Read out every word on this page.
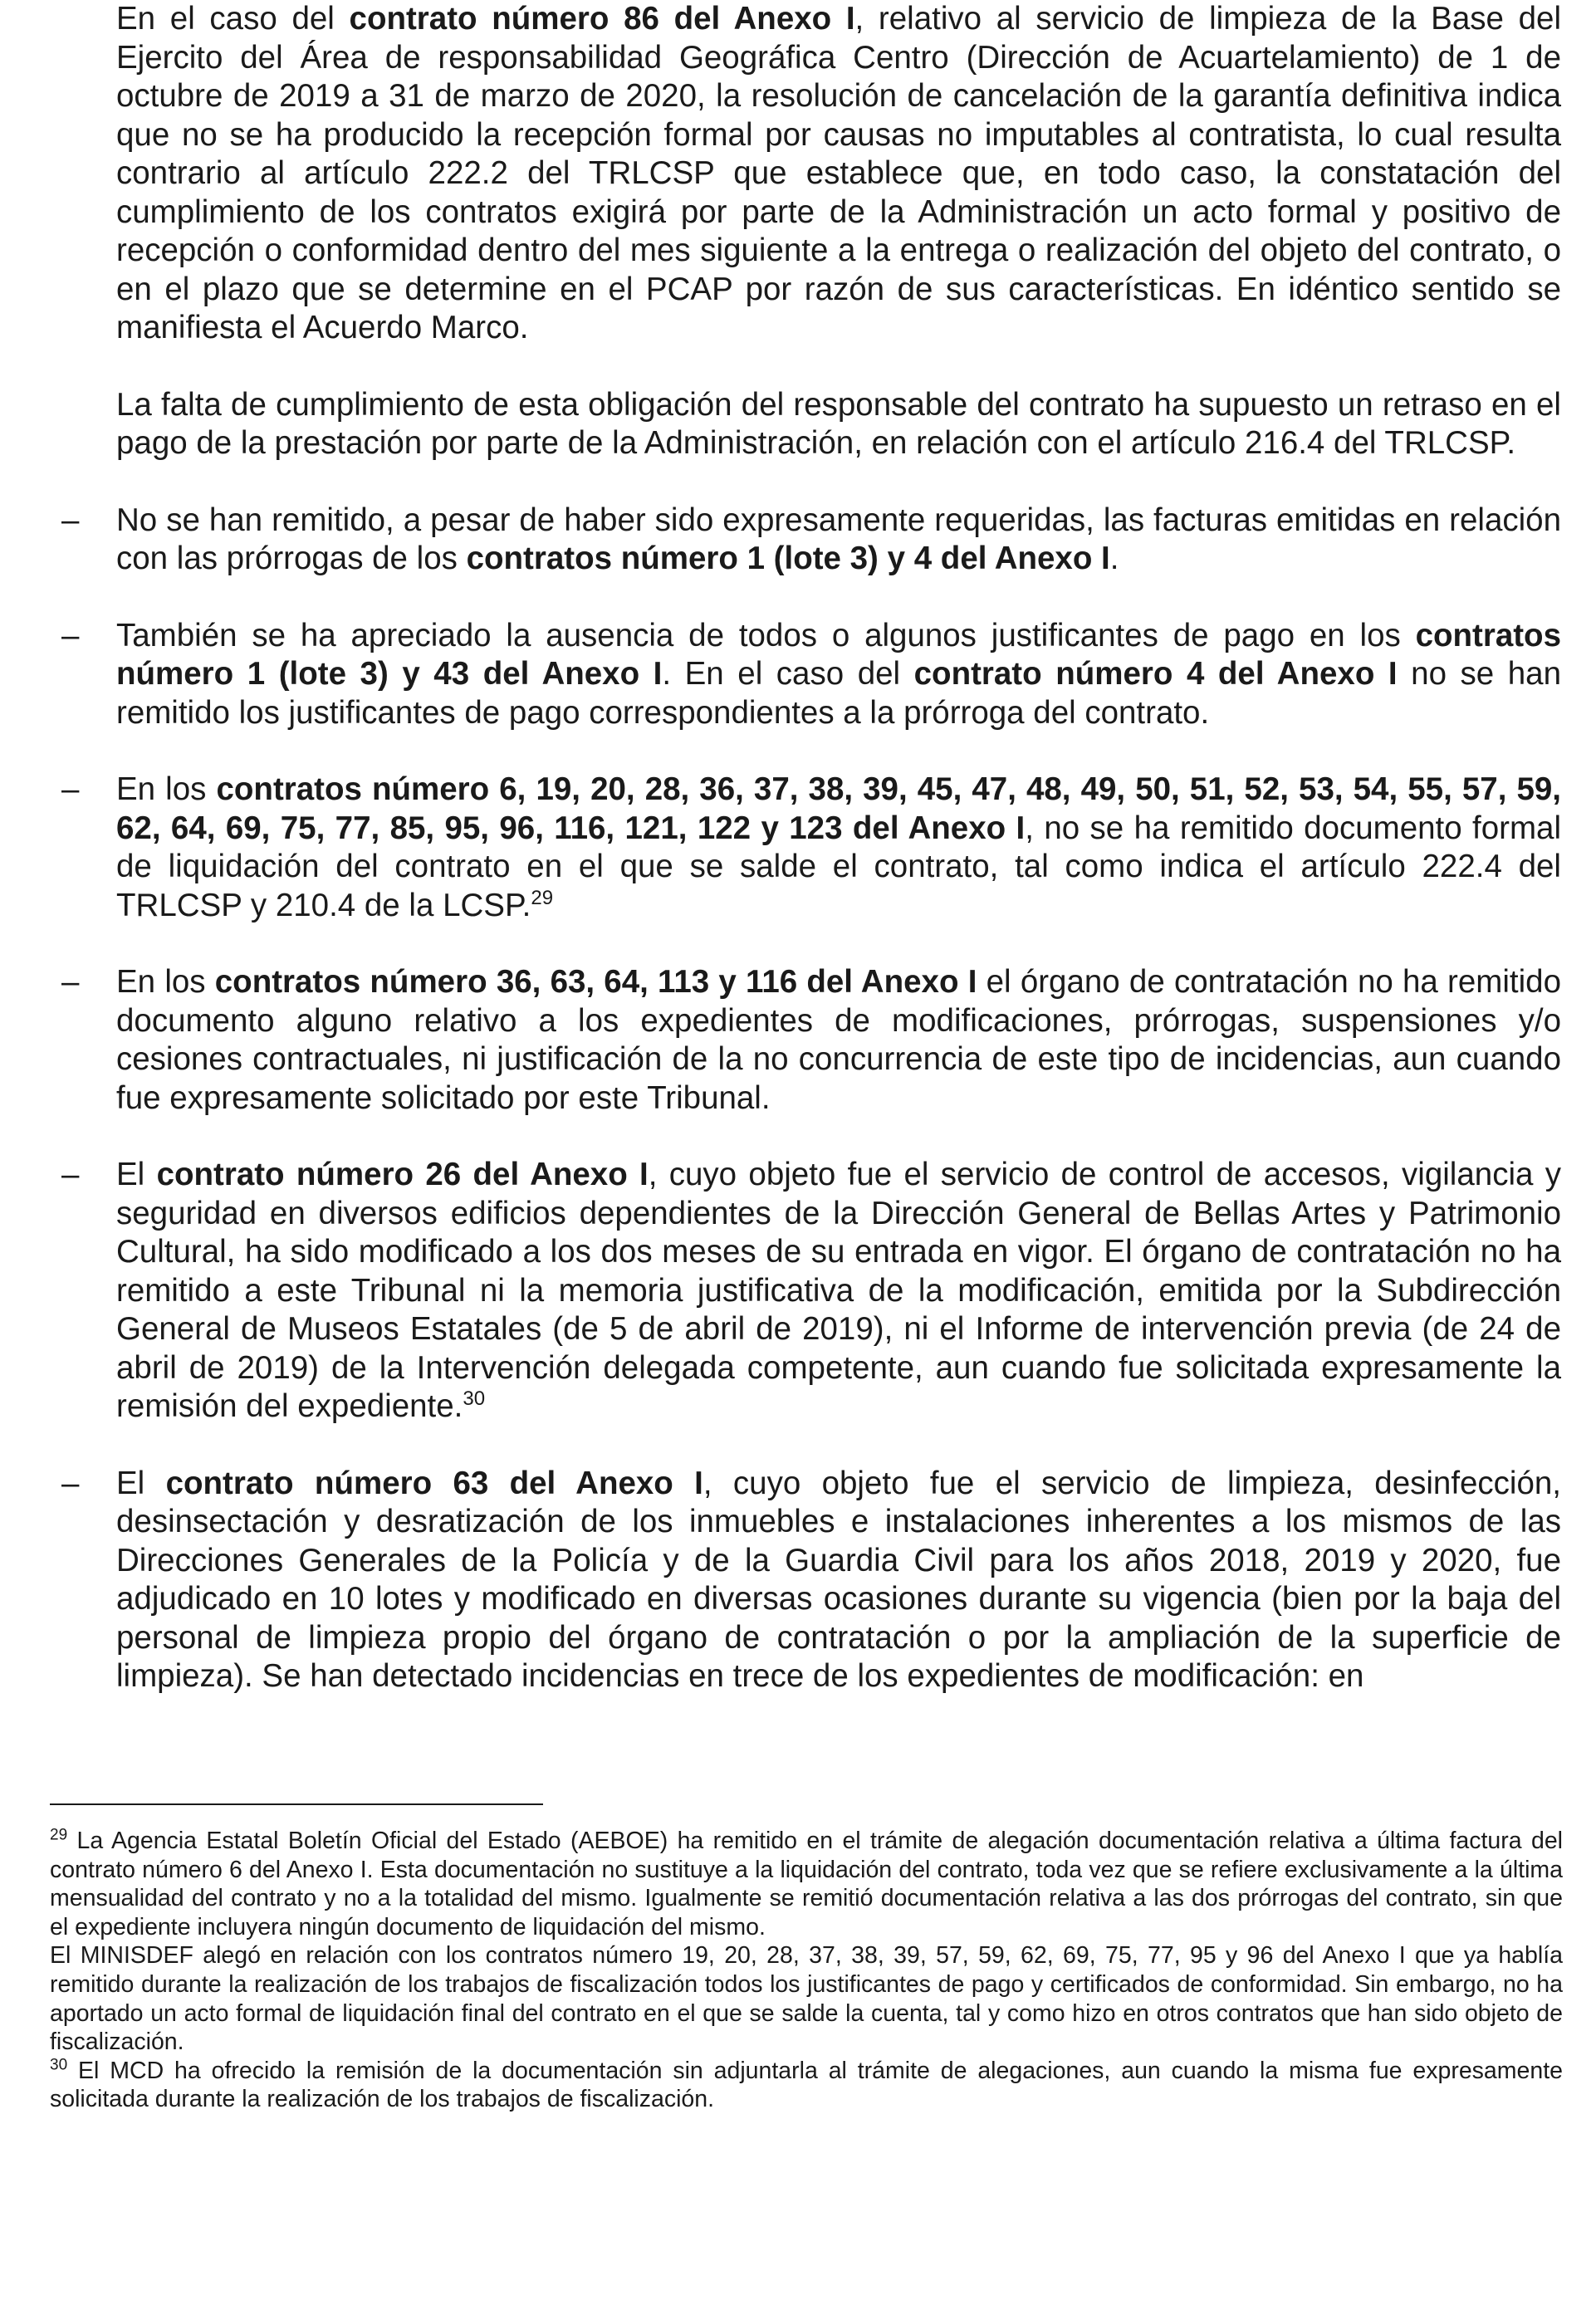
En el caso del contrato número 86 del Anexo I, relativo al servicio de limpieza de la Base del Ejercito del Área de responsabilidad Geográfica Centro (Dirección de Acuartelamiento) de 1 de octubre de 2019 a 31 de marzo de 2020, la resolución de cancelación de la garantía definitiva indica que no se ha producido la recepción formal por causas no imputables al contratista, lo cual resulta contrario al artículo 222.2 del TRLCSP que establece que, en todo caso, la constatación del cumplimiento de los contratos exigirá por parte de la Administración un acto formal y positivo de recepción o conformidad dentro del mes siguiente a la entrega o realización del objeto del contrato, o en el plazo que se determine en el PCAP por razón de sus características. En idéntico sentido se manifiesta el Acuerdo Marco.

La falta de cumplimiento de esta obligación del responsable del contrato ha supuesto un retraso en el pago de la prestación por parte de la Administración, en relación con el artículo 216.4 del TRLCSP.

‒ No se han remitido, a pesar de haber sido expresamente requeridas, las facturas emitidas en relación con las prórrogas de los contratos número 1 (lote 3) y 4 del Anexo I.

‒ También se ha apreciado la ausencia de todos o algunos justificantes de pago en los contratos número 1 (lote 3) y 43 del Anexo I. En el caso del contrato número 4 del Anexo I no se han remitido los justificantes de pago correspondientes a la prórroga del contrato.

‒ En los contratos número 6, 19, 20, 28, 36, 37, 38, 39, 45, 47, 48, 49, 50, 51, 52, 53, 54, 55, 57, 59, 62, 64, 69, 75, 77, 85, 95, 96, 116, 121, 122 y 123 del Anexo I, no se ha remitido documento formal de liquidación del contrato en el que se salde el contrato, tal como indica el artículo 222.4 del TRLCSP y 210.4 de la LCSP.$^{29}$

‒ En los contratos número 36, 63, 64, 113 y 116 del Anexo I el órgano de contratación no ha remitido documento alguno relativo a los expedientes de modificaciones, prórrogas, suspensiones y/o cesiones contractuales, ni justificación de la no concurrencia de este tipo de incidencias, aun cuando fue expresamente solicitado por este Tribunal.

‒ El contrato número 26 del Anexo I, cuyo objeto fue el servicio de control de accesos, vigilancia y seguridad en diversos edificios dependientes de la Dirección General de Bellas Artes y Patrimonio Cultural, ha sido modificado a los dos meses de su entrada en vigor. El órgano de contratación no ha remitido a este Tribunal ni la memoria justificativa de la modificación, emitida por la Subdirección General de Museos Estatales (de 5 de abril de 2019), ni el Informe de intervención previa (de 24 de abril de 2019) de la Intervención delegada competente, aun cuando fue solicitada expresamente la remisión del expediente.$^{30}$

‒ El contrato número 63 del Anexo I, cuyo objeto fue el servicio de limpieza, desinfección, desinsectación y desratización de los inmuebles e instalaciones inherentes a los mismos de las Direcciones Generales de la Policía y de la Guardia Civil para los años 2018, 2019 y 2020, fue adjudicado en 10 lotes y modificado en diversas ocasiones durante su vigencia (bien por la baja del personal de limpieza propio del órgano de contratación o por la ampliación de la superficie de limpieza). Se han detectado incidencias en trece de los expedientes de modificación: en

$^{29}$ La Agencia Estatal Boletín Oficial del Estado (AEBOE) ha remitido en el trámite de alegación documentación relativa a última factura del contrato número 6 del Anexo I. Esta documentación no sustituye a la liquidación del contrato, toda vez que se refiere exclusivamente a la última mensualidad del contrato y no a la totalidad del mismo. Igualmente se remitió documentación relativa a las dos prórrogas del contrato, sin que el expediente incluyera ningún documento de liquidación del mismo.

El MINISDEF alegó en relación con los contratos número 19, 20, 28, 37, 38, 39, 57, 59, 62, 69, 75, 77, 95 y 96 del Anexo I que ya hablía remitido durante la realización de los trabajos de fiscalización todos los justificantes de pago y certificados de conformidad. Sin embargo, no ha aportado un acto formal de liquidación final del contrato en el que se salde la cuenta, tal y como hizo en otros contratos que han sido objeto de fiscalización.

$^{30}$ El MCD ha ofrecido la remisión de la documentación sin adjuntarla al trámite de alegaciones, aun cuando la misma fue expresamente solicitada durante la realización de los trabajos de fiscalización.
